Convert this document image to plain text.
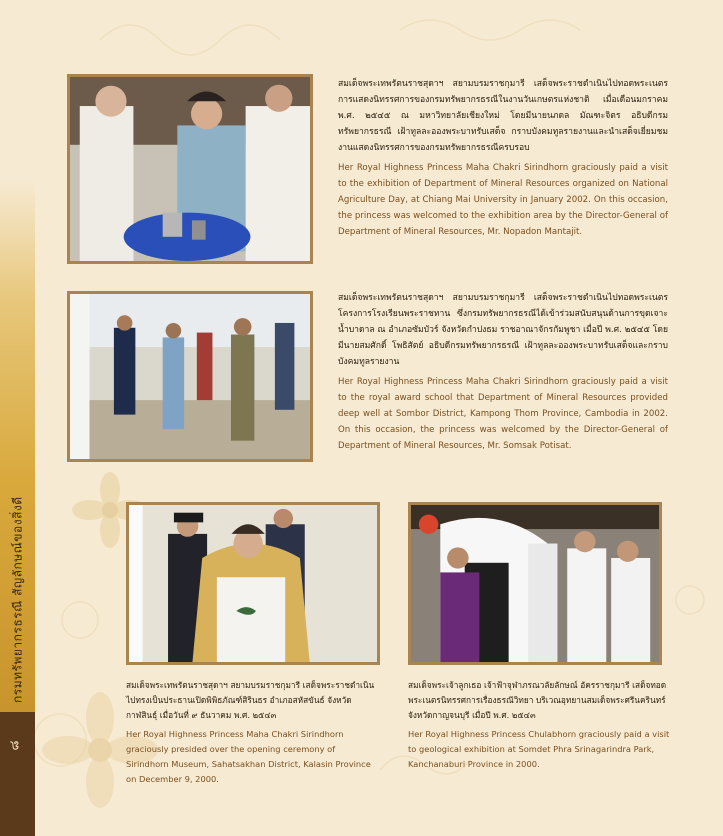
กรมทรัพยากรธรณี สัญลักษณ์ของสิ่งดี
๘
สมเด็จพระเทพรัตนราชสุดาฯ สยามบรมราชกุมารี เสด็จพระราชดำเนินไปทอดพระเนตร การแสดงนิทรรศการของกรมทรัพยากรธรณีในงานวันเกษตรแห่งชาติ เมื่อเดือนมกราคม พ.ศ. ๒๕๔๕ ณ มหาวิทยาลัยเชียงใหม่ โดยมีนายนภดล มัณฑะจิตร อธิบดีกรมทรัพยากรธรณี เฝ้าทูลละอองพระบาทรับเสด็จ กราบบังคมทูลรายงานและนำเสด็จเยี่ยมชมงานแสดงนิทรรศการของกรมทรัพยากรธรณีครบรอบ
Her Royal Highness Princess Maha Chakri Sirindhorn graciously paid a visit to the exhibition of Department of Mineral Resources organized on National Agriculture Day, at Chiang Mai University in January 2002. On this occasion, the princess was welcomed to the exhibition area by the Director-General of Department of Mineral Resources, Mr. Nopadon Mantajit.
สมเด็จพระเทพรัตนราชสุดาฯ สยามบรมราชกุมารี เสด็จพระราชดำเนินไปทอดพระเนตร โครงการโรงเรียนพระราชทาน ซึ่งกรมทรัพยากรธรณีได้เข้าร่วมสนับสนุนด้านการขุดเจาะน้ำบาดาล ณ อำเภอซัมบัวร์ จังหวัดกำปงธม ราชอาณาจักรกัมพูชา เมื่อปี พ.ศ. ๒๕๔๕ โดยมีนายสมศักดิ์ โพธิสัตย์ อธิบดีกรมทรัพยากรธรณี เฝ้าทูลละอองพระบาทรับเสด็จและกราบบังคมทูลรายงาน
Her Royal Highness Princess Maha Chakri Sirindhorn graciously paid a visit to the royal award school that Department of Mineral Resources provided deep well at Sombor District, Kampong Thom Province, Cambodia in 2002. On this occasion, the princess was welcomed by the Director-General of Department of Mineral Resources, Mr. Somsak Potisat.
สมเด็จพระเทพรัตนราชสุดาฯ สยามบรมราชกุมารี เสด็จพระราชดำเนินไปทรงเป็นประธานเปิดพิพิธภัณฑ์สิรินธร อำเภอสหัสขันธ์ จังหวัดกาฬสินธุ์ เมื่อวันที่ ๙ ธันวาคม พ.ศ. ๒๕๔๓
Her Royal Highness Princess Maha Chakri Sirindhorn graciously presided over the opening ceremony of Sirindhorn Museum, Sahatsakhan District, Kalasin Province on December 9, 2000.
สมเด็จพระเจ้าลูกเธอ เจ้าฟ้าจุฬาภรณวลัยลักษณ์ อัครราชกุมารี เสด็จทอดพระเนตรนิทรรศการเรื่องธรณีวิทยา บริเวณอุทยานสมเด็จพระศรีนครินทร์ จังหวัดกาญจนบุรี เมื่อปี พ.ศ. ๒๕๔๓
Her Royal Highness Princess Chulabhorn graciously paid a visit to geological exhibition at Somdet Phra Srinagarindra Park, Kanchanaburi Province in 2000.
